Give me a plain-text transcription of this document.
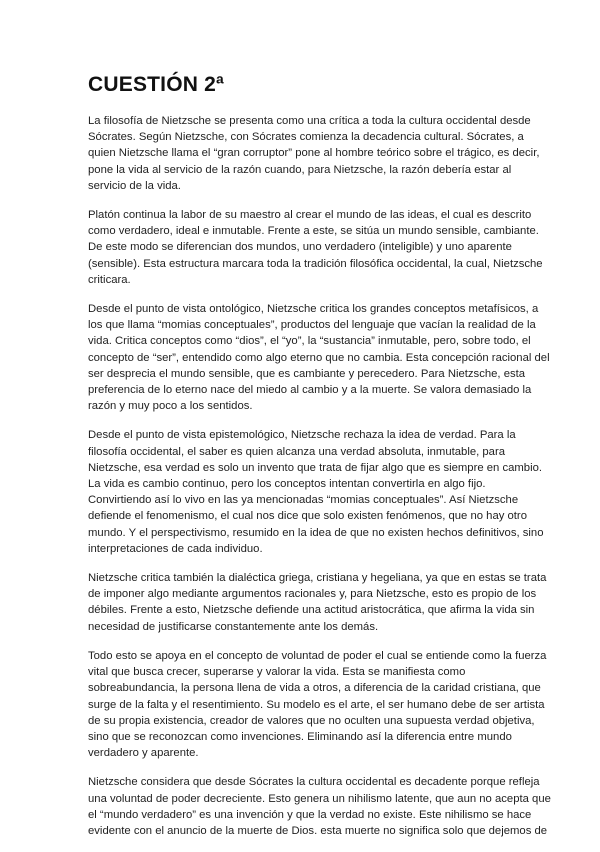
CUESTIÓN 2ª

La filosofía de Nietzsche se presenta como una crítica a toda la cultura occidental desde
Sócrates. Según Nietzsche, con Sócrates comienza la decadencia cultural. Sócrates, a
quien Nietzsche llama el “gran corruptor” pone al hombre teórico sobre el trágico, es decir,
pone la vida al servicio de la razón cuando, para Nietzsche, la razón debería estar al
servicio de la vida.

Platón continua la labor de su maestro al crear el mundo de las ideas, el cual es descrito
como verdadero, ideal e inmutable. Frente a este, se sitúa un mundo sensible, cambiante.
De este modo se diferencian dos mundos, uno verdadero (inteligible) y uno aparente
(sensible). Esta estructura marcara toda la tradición filosófica occidental, la cual, Nietzsche
criticara.

Desde el punto de vista ontológico, Nietzsche critica los grandes conceptos metafísicos, a
los que llama “momias conceptuales”, productos del lenguaje que vacían la realidad de la
vida. Critica conceptos como “dios”, el “yo”, la “sustancia” inmutable, pero, sobre todo, el
concepto de “ser”, entendido como algo eterno que no cambia. Esta concepción racional del
ser desprecia el mundo sensible, que es cambiante y perecedero. Para Nietzsche, esta
preferencia de lo eterno nace del miedo al cambio y a la muerte. Se valora demasiado la
razón y muy poco a los sentidos.

Desde el punto de vista epistemológico, Nietzsche rechaza la idea de verdad. Para la
filosofía occidental, el saber es quien alcanza una verdad absoluta, inmutable, para
Nietzsche, esa verdad es solo un invento que trata de fijar algo que es siempre en cambio.
La vida es cambio continuo, pero los conceptos intentan convertirla en algo fijo.
Convirtiendo así lo vivo en las ya mencionadas “momias conceptuales”. Así Nietzsche
defiende el fenomenismo, el cual nos dice que solo existen fenómenos, que no hay otro
mundo. Y el perspectivismo, resumido en la idea de que no existen hechos definitivos, sino
interpretaciones de cada individuo.

Nietzsche critica también la dialéctica griega, cristiana y hegeliana, ya que en estas se trata
de imponer algo mediante argumentos racionales y, para Nietzsche, esto es propio de los
débiles. Frente a esto, Nietzsche defiende una actitud aristocrática, que afirma la vida sin
necesidad de justificarse constantemente ante los demás.

Todo esto se apoya en el concepto de voluntad de poder el cual se entiende como la fuerza
vital que busca crecer, superarse y valorar la vida. Esta se manifiesta como
sobreabundancia, la persona llena de vida a otros, a diferencia de la caridad cristiana, que
surge de la falta y el resentimiento. Su modelo es el arte, el ser humano debe de ser artista
de su propia existencia, creador de valores que no oculten una supuesta verdad objetiva,
sino que se reconozcan como invenciones. Eliminando así la diferencia entre mundo
verdadero y aparente.

Nietzsche considera que desde Sócrates la cultura occidental es decadente porque refleja
una voluntad de poder decreciente. Esto genera un nihilismo latente, que aun no acepta que
el “mundo verdadero” es una invención y que la verdad no existe. Este nihilismo se hace
evidente con el anuncio de la muerte de Dios. esta muerte no significa solo que dejemos de
